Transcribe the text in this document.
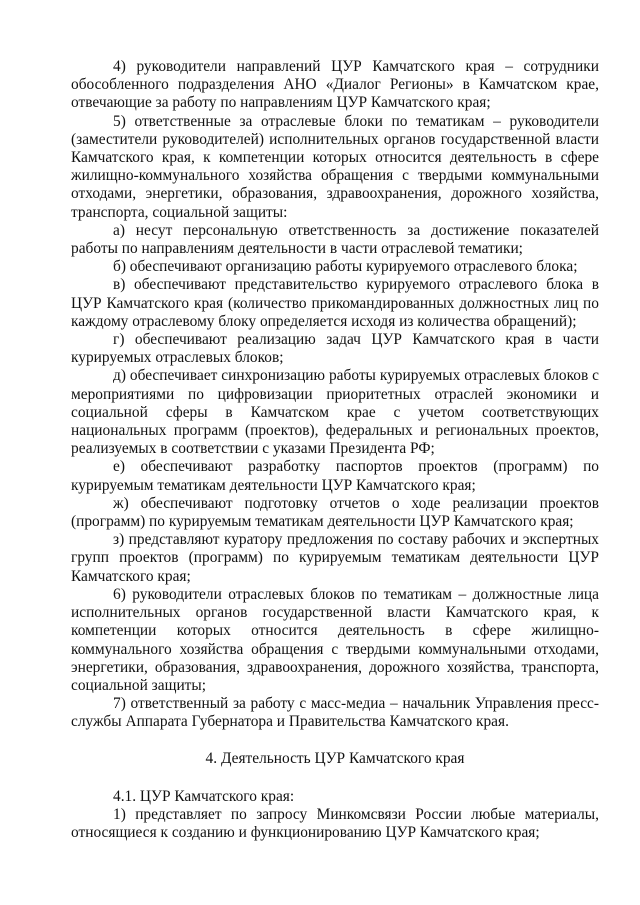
4) руководители направлений ЦУР Камчатского края – сотрудники обособленного подразделения АНО «Диалог Регионы» в Камчатском крае, отвечающие за работу по направлениям ЦУР Камчатского края;

5) ответственные за отраслевые блоки по тематикам – руководители (заместители руководителей) исполнительных органов государственной власти Камчатского края, к компетенции которых относится деятельность в сфере жилищно-коммунального хозяйства обращения с твердыми коммунальными отходами, энергетики, образования, здравоохранения, дорожного хозяйства, транспорта, социальной защиты:

а) несут персональную ответственность за достижение показателей работы по направлениям деятельности в части отраслевой тематики;

б) обеспечивают организацию работы курируемого отраслевого блока;

в) обеспечивают представительство курируемого отраслевого блока в ЦУР Камчатского края (количество прикомандированных должностных лиц по каждому отраслевому блоку определяется исходя из количества обращений);

г) обеспечивают реализацию задач ЦУР Камчатского края в части курируемых отраслевых блоков;

д) обеспечивает синхронизацию работы курируемых отраслевых блоков с мероприятиями по цифровизации приоритетных отраслей экономики и социальной сферы в Камчатском крае с учетом соответствующих национальных программ (проектов), федеральных и региональных проектов, реализуемых в соответствии с указами Президента РФ;

е) обеспечивают разработку паспортов проектов (программ) по курируемым тематикам деятельности ЦУР Камчатского края;

ж) обеспечивают подготовку отчетов о ходе реализации проектов (программ) по курируемым тематикам деятельности ЦУР Камчатского края;

з) представляют куратору предложения по составу рабочих и экспертных групп проектов (программ) по курируемым тематикам деятельности ЦУР Камчатского края;

6) руководители отраслевых блоков по тематикам – должностные лица исполнительных органов государственной власти Камчатского края, к компетенции которых относится деятельность в сфере жилищно-коммунального хозяйства обращения с твердыми коммунальными отходами, энергетики, образования, здравоохранения, дорожного хозяйства, транспорта, социальной защиты;

7) ответственный за работу с масс-медиа – начальник Управления пресс-службы Аппарата Губернатора и Правительства Камчатского края.

4. Деятельность ЦУР Камчатского края

4.1. ЦУР Камчатского края:

1) представляет по запросу Минкомсвязи России любые материалы, относящиеся к созданию и функционированию ЦУР Камчатского края;
